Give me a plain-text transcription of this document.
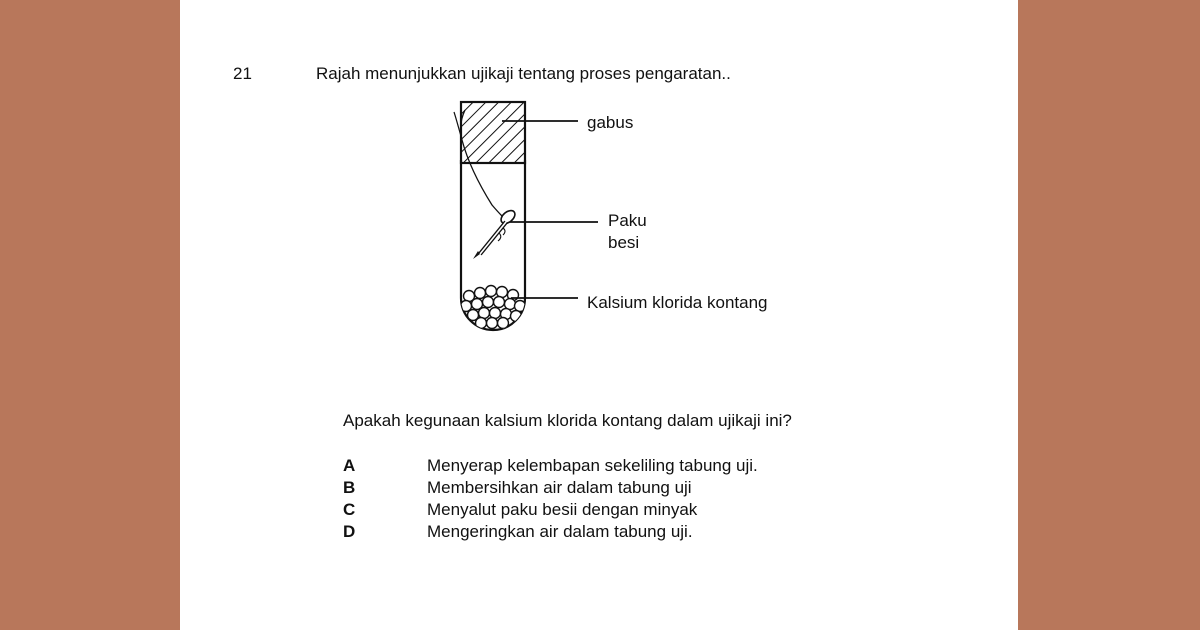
21	Rajah menunjukkan ujikaji tentang proses pengaratan..
gabus
Paku
besi
Kalsium klorida kontang
Apakah kegunaan kalsium klorida kontang dalam ujikaji ini?
A	Menyerap kelembapan sekeliling tabung uji.
B	Membersihkan air dalam tabung uji
C	Menyalut paku besii dengan minyak
D	Mengeringkan air dalam tabung uji.
